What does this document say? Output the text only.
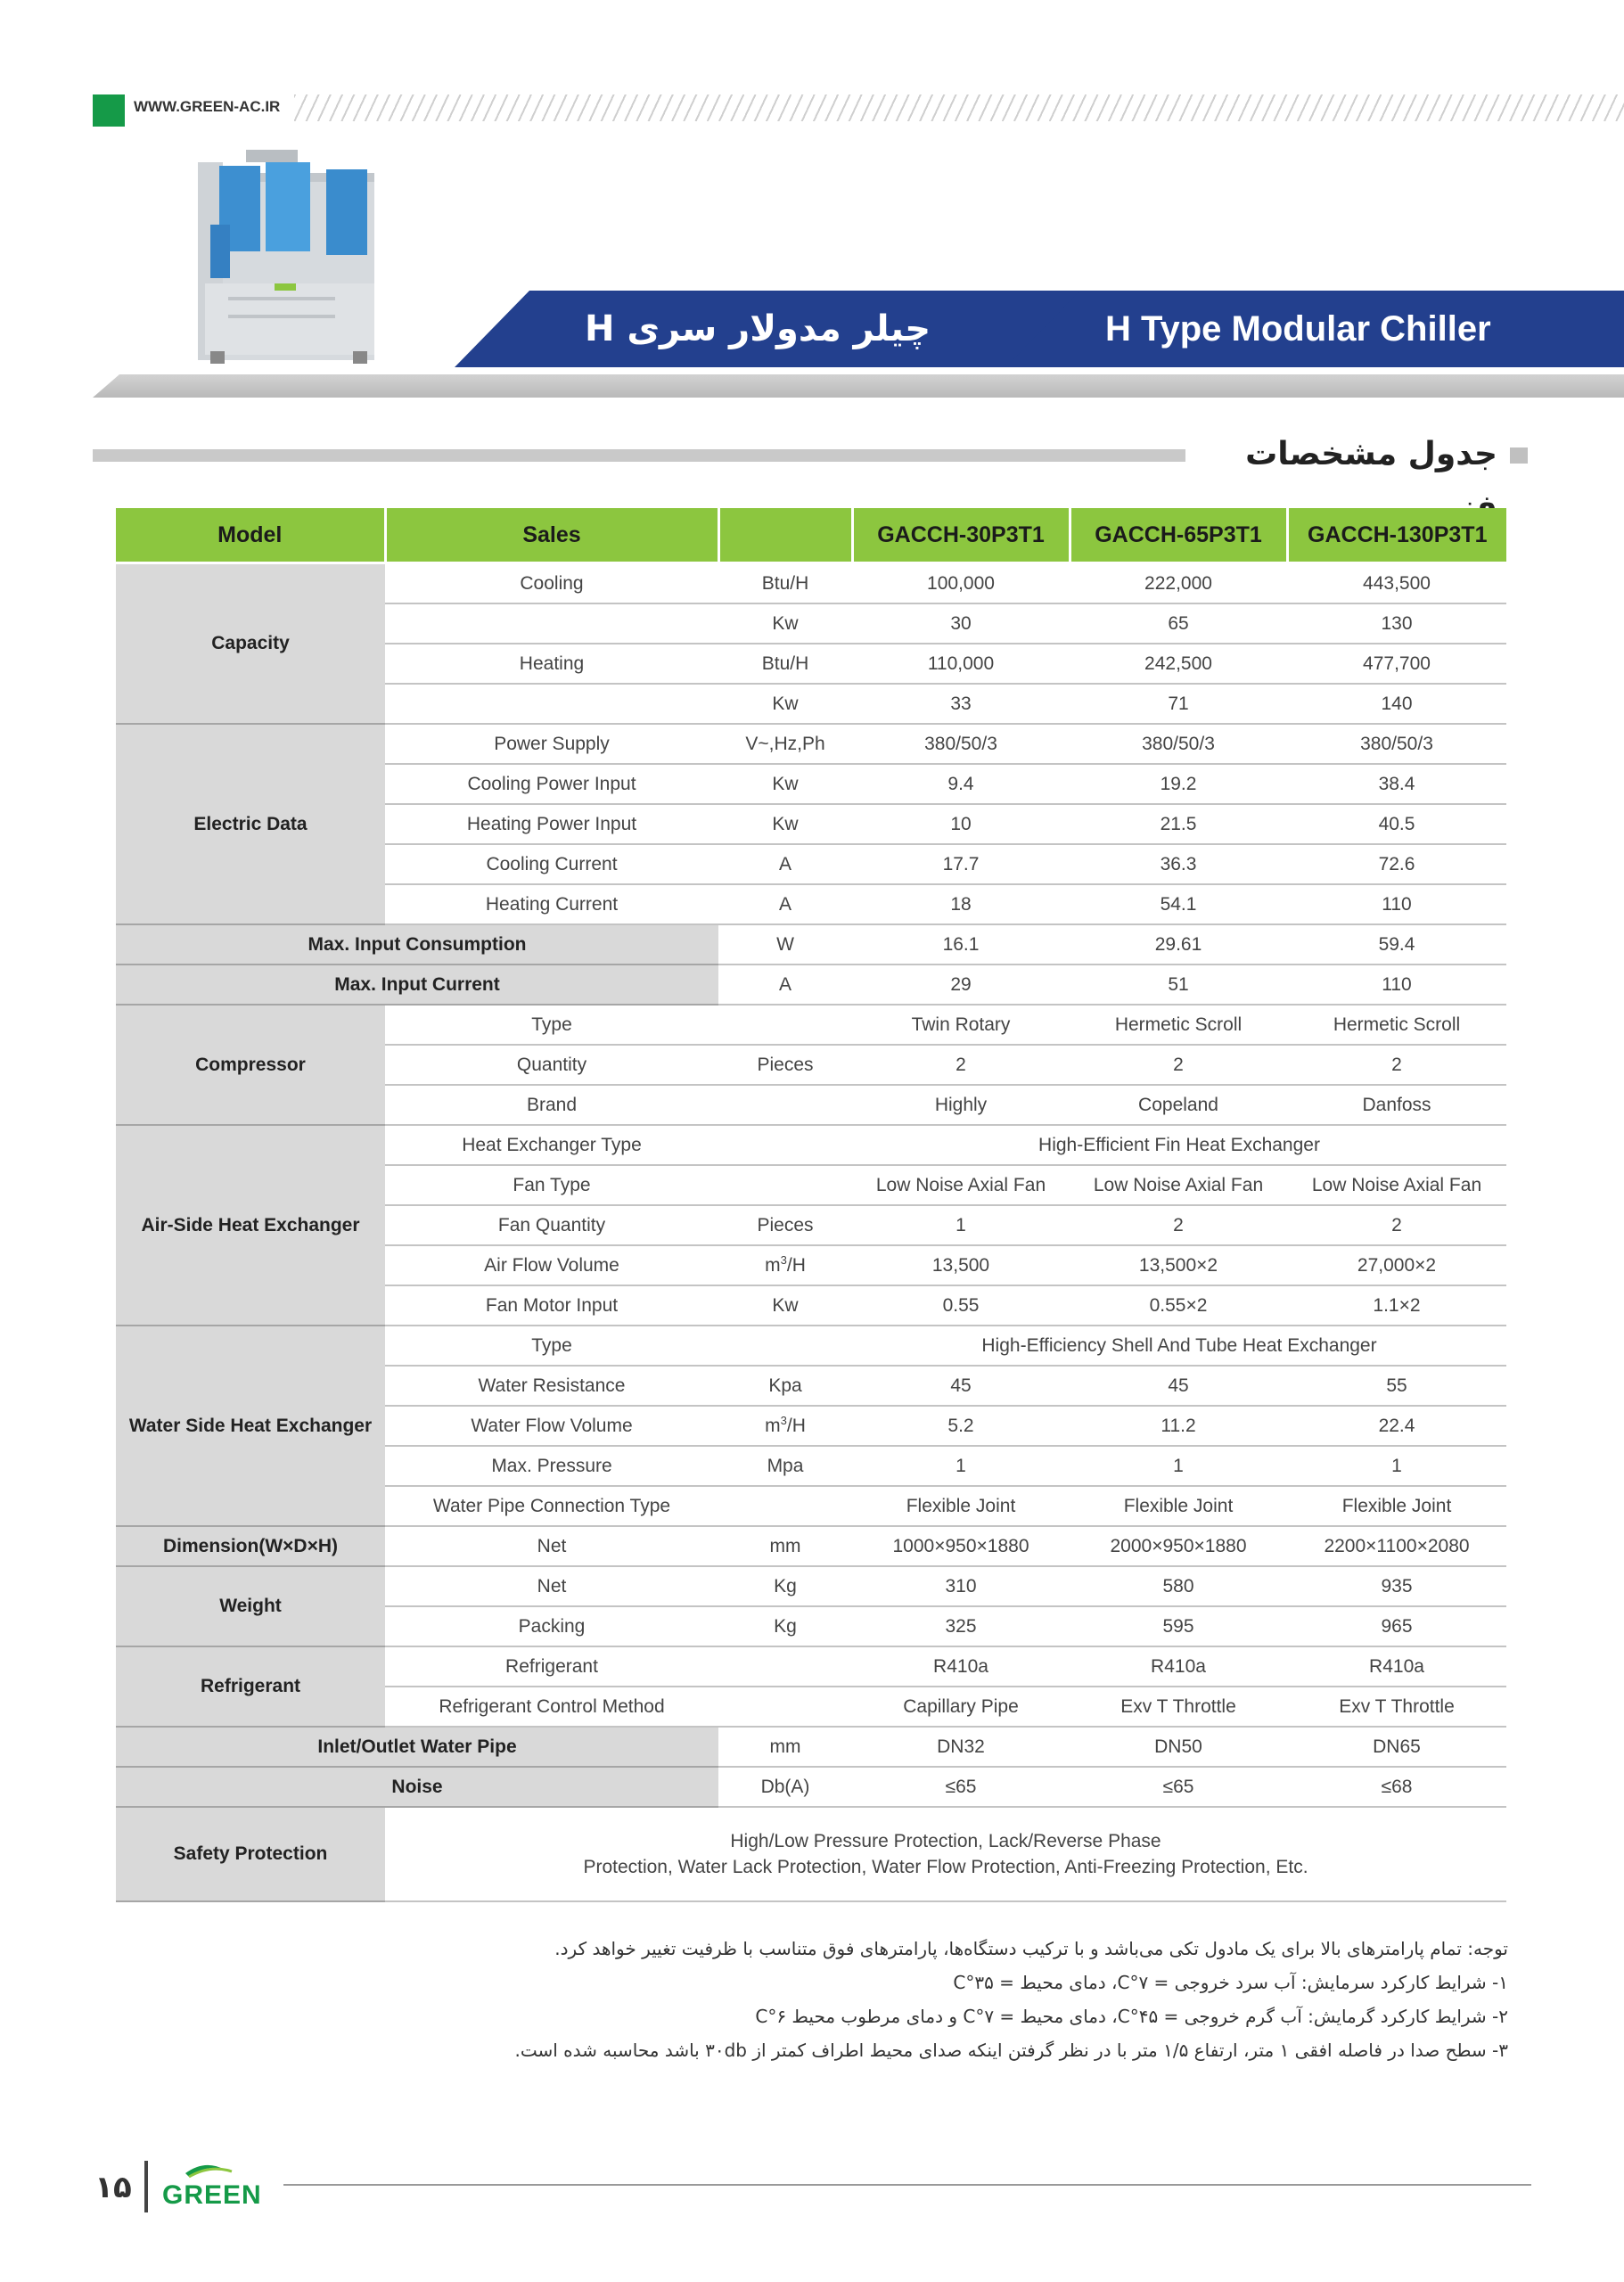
WWW.GREEN-AC.IR
چیلر مدولار سری H	H Type Modular Chiller
جدول مشخصات
Model	Sales		GACCH-30P3T1	GACCH-65P3T1	GACCH-130P3T1
Capacity	Cooling	Btu/H	100,000	222,000	443,500
		Kw	30	65	130
	Heating	Btu/H	110,000	242,500	477,700
		Kw	33	71	140
Electric Data	Power Supply	V~,Hz,Ph	380/50/3	380/50/3	380/50/3
	Cooling Power Input	Kw	9.4	19.2	38.4
	Heating Power Input	Kw	10	21.5	40.5
	Cooling Current	A	17.7	36.3	72.6
	Heating Current	A	18	54.1	110
Max. Input Consumption		W	16.1	29.61	59.4
Max. Input Current		A	29	51	110
Compressor	Type		Twin Rotary	Hermetic Scroll	Hermetic Scroll
	Quantity	Pieces	2	2	2
	Brand		Highly	Copeland	Danfoss
Air-Side Heat Exchanger	Heat Exchanger Type		High-Efficient Fin Heat Exchanger		
	Fan Type		Low Noise Axial Fan	Low Noise Axial Fan	Low Noise Axial Fan
	Fan Quantity	Pieces	1	2	2
	Air Flow Volume	$m^3/H$	13,500	13,500×2	27,000×2
	Fan Motor Input	Kw	0.55	0.55×2	1.1×2
Water Side Heat Exchanger	Type		High-Efficiency Shell And Tube Heat Exchanger		
	Water Resistance	Kpa	45	45	55
	Water Flow Volume	$m^3/H$	5.2	11.2	22.4
	Max. Pressure	Mpa	1	1	1
	Water Pipe Connection Type		Flexible Joint	Flexible Joint	Flexible Joint
Dimension(W×D×H)	Net	mm	1000×950×1880	2000×950×1880	2200×1100×2080
Weight	Net	Kg	310	580	935
	Packing	Kg	325	595	965
Refrigerant	Refrigerant		R410a	R410a	R410a
	Refrigerant Control Method		Capillary Pipe	Exv T Throttle	Exv T Throttle
Inlet/Outlet Water Pipe		mm	DN32	DN50	DN65
Noise		Db(A)	≤65	≤65	≤68
Safety Protection	High/Low Pressure Protection, Lack/Reverse Phase
Protection, Water Lack Protection, Water Flow Protection, Anti-Freezing Protection, Etc.				

توجه: تمام پارامترهای بالا برای یک مادول تکی می‌باشد و با ترکیب دستگاه‌ها، پارامترهای فوق متناسب با ظرفیت تغییر خواهد کرد.

۱- شرایط کارکرد سرمایش: آب سرد خروجی = ۷°C، دمای محیط = ۳۵°C

۲- شرایط کارکرد گرمایش: آب گرم خروجی = ۴۵°C، دمای محیط = ۷°C و دمای مرطوب محیط ۶°C

۳- سطح صدا در فاصله افقی ۱ متر، ارتفاع ۱/۵ متر با در نظر گرفتن اینکه صدای محیط اطراف کمتر از ۳۰db باشد محاسبه شده است.

۱۵ GREEN
